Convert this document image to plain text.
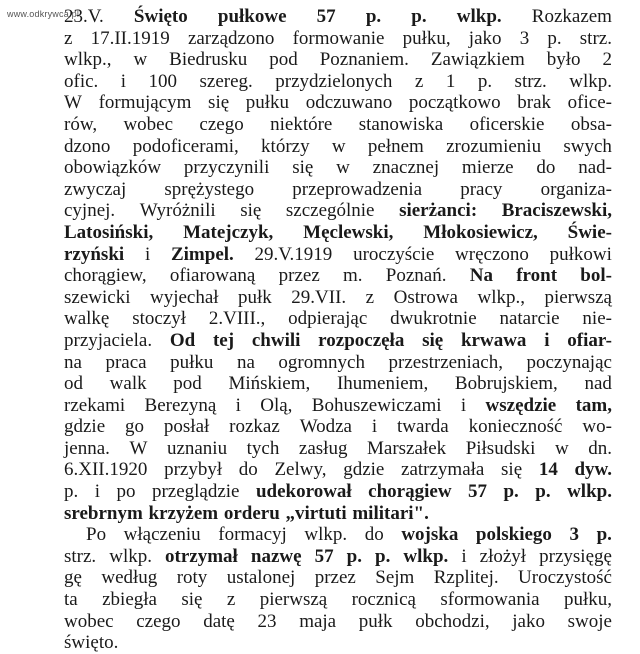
www.odkrywca.pl
23.V. Święto pułkowe 57 p. p. wlkp. Rozkazem
z 17.II.1919 zarządzono formowanie pułku, jako 3 p. strz.
wlkp., w Biedrusku pod Poznaniem. Zawiązkiem było 2
ofic. i 100 szereg. przydzielonych z 1 p. strz. wlkp.
W formującym się pułku odczuwano początkowo brak ofice-
rów, wobec czego niektóre stanowiska oficerskie obsa-
dzono podoficerami, którzy w pełnem zrozumieniu swych
obowiązków przyczynili się w znacznej mierze do nad-
zwyczaj sprężystego przeprowadzenia pracy organiza-
cyjnej. Wyróżnili się szczególnie sierżanci: Braciszewski,
Latosiński, Matejczyk, Męclewski, Młokosiewicz, Świe-
rzyński i Zimpel. 29.V.1919 uroczyście wręczono pułkowi
chorągiew, ofiarowaną przez m. Poznań. Na front bol-
szewicki wyjechał pułk 29.VII. z Ostrowa wlkp., pierwszą
walkę stoczył 2.VIII., odpierając dwukrotnie natarcie nie-
przyjaciela. Od tej chwili rozpoczęła się krwawa i ofiar-
na praca pułku na ogromnych przestrzeniach, poczynając
od walk pod Mińskiem, Ihumeniem, Bobrujskiem, nad
rzekami Berezyną i Olą, Bohuszewiczami i wszędzie tam,
gdzie go posłał rozkaz Wodza i twarda konieczność wo-
jenna. W uznaniu tych zasług Marszałek Piłsudski w dn.
6.XII.1920 przybył do Zelwy, gdzie zatrzymała się 14 dyw.
p. i po przeglądzie udekorował chorągiew 57 p. p. wlkp.
srebrnym krzyżem orderu „virtuti militari".
Po włączeniu formacyj wlkp. do wojska polskiego 3 p.
strz. wlkp. otrzymał nazwę 57 p. p. wlkp. i złożył przysięgę
gę według roty ustalonej przez Sejm Rzplitej. Uroczystość
ta zbiegła się z pierwszą rocznicą sformowania pułku,
wobec czego datę 23 maja pułk obchodzi, jako swoje
święto.
